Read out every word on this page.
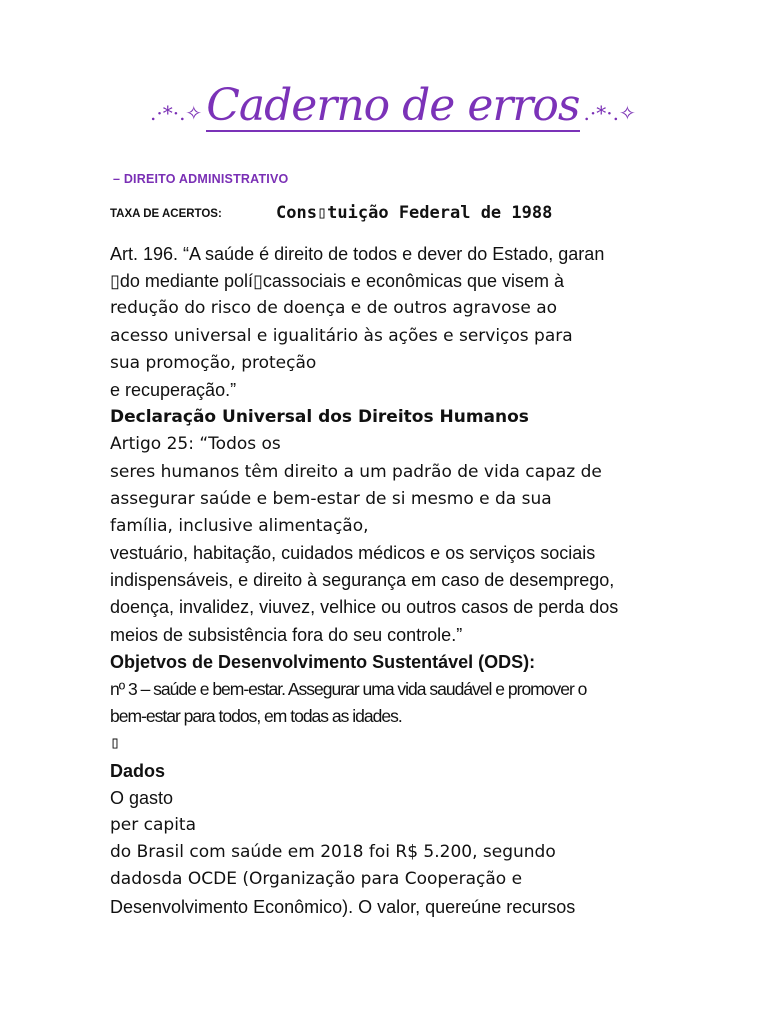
.·*·.✧ Caderno de erros .·*·.✧
– DIREITO ADMINISTRATIVO
TAXA DE ACERTOS:	Cons▯tuição Federal de 1988
Art. 196. “A saúde é direito de todos e dever do Estado, garan
▯do mediante polí▯cassociais e econômicas que visem à
redução do risco de doença e de outros agravose ao
acesso universal e igualitário às ações e serviços para
sua promoção, proteção
e recuperação.”
Declaração Universal dos Direitos Humanos
Artigo 25: “Todos os
seres humanos têm direito a um padrão de vida capaz de
assegurar saúde e bem-estar de si mesmo e da sua
família, inclusive alimentação,
vestuário, habitação, cuidados médicos e os serviços sociais
indispensáveis, e direito à segurança em caso de desemprego,
doença, invalidez, viuvez, velhice ou outros casos de perda dos
meios de subsistência fora do seu controle.”
Objetvos de Desenvolvimento Sustentável (ODS):
nº 3 – saúde e bem-estar. Assegurar uma vida saudável e promover o
bem-estar para todos, em todas as idades.
▯
Dados
O gasto
per capita
do Brasil com saúde em 2018 foi R$ 5.200, segundo
dadosda OCDE (Organização para Cooperação e
Desenvolvimento Econômico). O valor, quereúne recursos
